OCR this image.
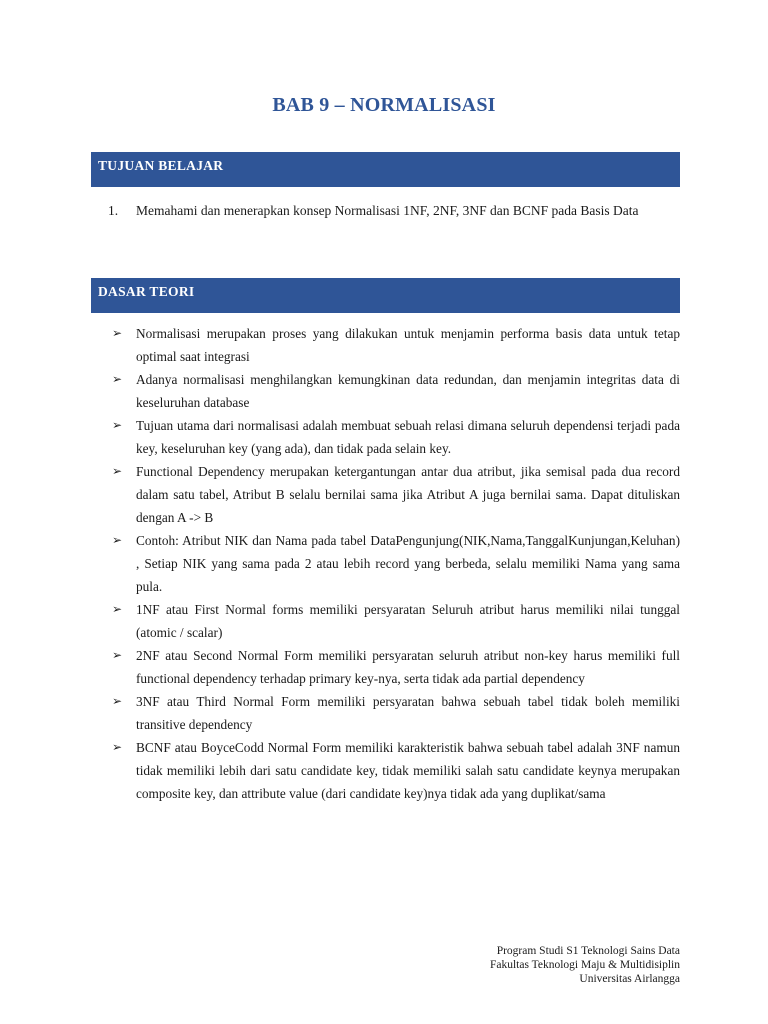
BAB 9 – NORMALISASI
TUJUAN BELAJAR
1. Memahami dan menerapkan konsep Normalisasi 1NF, 2NF, 3NF dan BCNF pada Basis Data
DASAR TEORI
➢ Normalisasi merupakan proses yang dilakukan untuk menjamin performa basis data untuk tetap optimal saat integrasi
➢ Adanya normalisasi menghilangkan kemungkinan data redundan, dan menjamin integritas data di keseluruhan database
➢ Tujuan utama dari normalisasi adalah membuat sebuah relasi dimana seluruh dependensi terjadi pada key, keseluruhan key (yang ada), dan tidak pada selain key.
➢ Functional Dependency merupakan ketergantungan antar dua atribut, jika semisal pada dua record dalam satu tabel, Atribut B selalu bernilai sama jika Atribut A juga bernilai sama. Dapat dituliskan dengan A -> B
➢ Contoh: Atribut NIK dan Nama pada tabel DataPengunjung(NIK,Nama,TanggalKunjungan,Keluhan) , Setiap NIK yang sama pada 2 atau lebih record yang berbeda, selalu memiliki Nama yang sama pula.
➢ 1NF atau First Normal forms memiliki persyaratan Seluruh atribut harus memiliki nilai tunggal (atomic / scalar)
➢ 2NF atau Second Normal Form memiliki persyaratan seluruh atribut non-key harus memiliki full functional dependency terhadap primary key-nya, serta tidak ada partial dependency
➢ 3NF atau Third Normal Form memiliki persyaratan bahwa sebuah tabel tidak boleh memiliki transitive dependency
➢ BCNF atau BoyceCodd Normal Form memiliki karakteristik bahwa sebuah tabel adalah 3NF namun tidak memiliki lebih dari satu candidate key, tidak memiliki salah satu candidate keynya merupakan composite key, dan attribute value (dari candidate key)nya tidak ada yang duplikat/sama
Program Studi S1 Teknologi Sains Data
Fakultas Teknologi Maju & Multidisiplin
Universitas Airlangga
